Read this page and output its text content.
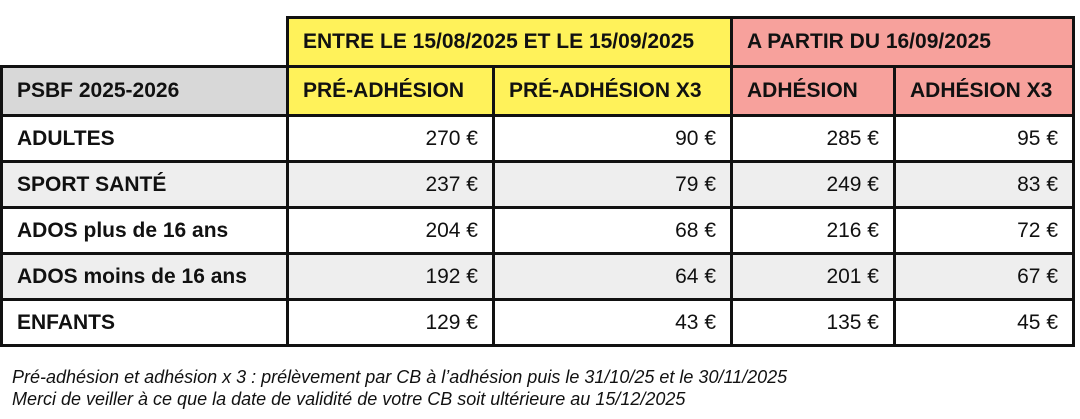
	ENTRE LE 15/08/2025 ET LE 15/09/2025		A PARTIR DU 16/09/2025	
PSBF 2025-2026	PRÉ-ADHÉSION	PRÉ-ADHÉSION X3	ADHÉSION	ADHÉSION X3
ADULTES	270 €	90 €	285 €	95 €
SPORT SANTÉ	237 €	79 €	249 €	83 €
ADOS plus de 16 ans	204 €	68 €	216 €	72 €
ADOS moins de 16 ans	192 €	64 €	201 €	67 €
ENFANTS	129 €	43 €	135 €	45 €
Pré-adhésion et adhésion x 3 : prélèvement par CB à l’adhésion puis le 31/10/25 et le 30/11/2025
Merci de veiller à ce que la date de validité de votre CB soit ultérieure au 15/12/2025
